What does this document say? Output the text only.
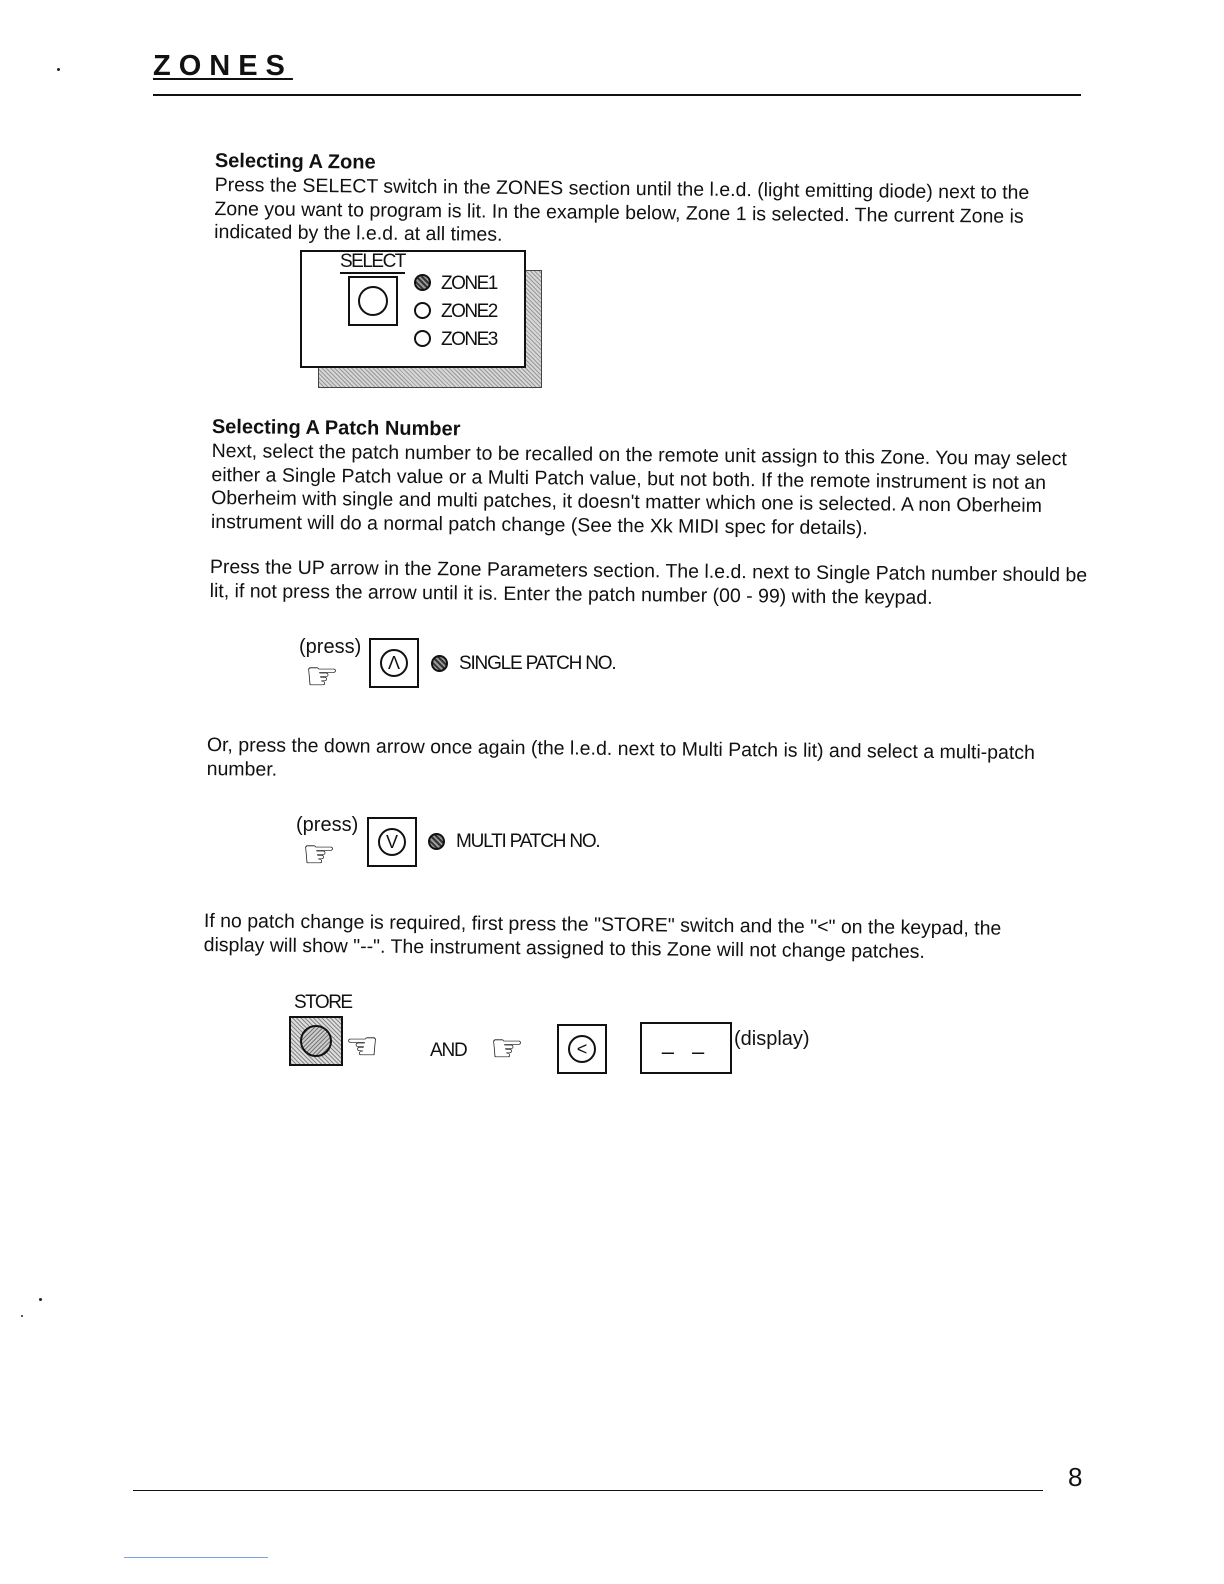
ZONES

Selecting A Zone

Press the SELECT switch in the ZONES section until the l.e.d. (light emitting diode) next to the Zone you want to program is lit. In the example below, Zone 1 is selected. The current Zone is indicated by the l.e.d. at all times.

SELECT
ZONE1
ZONE2
ZONE3

Selecting A Patch Number

Next, select the patch number to be recalled on the remote unit assign to this Zone. You may select either a Single Patch value or a Multi Patch value, but not both. If the remote instrument is not an Oberheim with single and multi patches, it doesn't matter which one is selected. A non Oberheim instrument will do a normal patch change (See the Xk MIDI spec for details).

Press the UP arrow in the Zone Parameters section. The l.e.d. next to Single Patch number should be lit, if not press the arrow until it is. Enter the patch number (00 - 99) with the keypad.

(press)
☞	Λ	SINGLE PATCH NO.

Or, press the down arrow once again (the l.e.d. next to Multi Patch is lit) and select a multi-patch number.

(press)
☞	V	MULTI PATCH NO.

If no patch change is required, first press the "STORE" switch and the "<" on the keypad, the display will show "--". The instrument assigned to this Zone will not change patches.

STORE
☜	AND ☞	<	– –	(display)
8
